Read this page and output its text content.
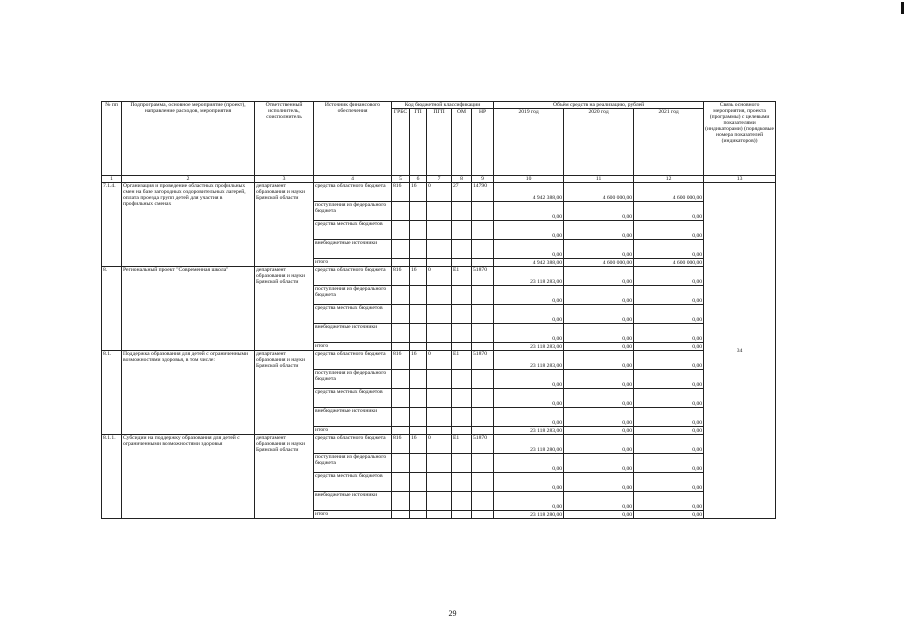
№ пп	Подпрограмма, основное мероприятие (проект), направление расходов, мероприятия	Ответственный исполнитель, соисполнитель	Источник финансового обеспечения	Код бюджетной классификации					Объём средств на реализацию, рублей			Связь основного мероприятия, проекта (программы) с целевыми показателями (индикаторами) (порядковые номера показателей (индикаторов))
				ГРБС	ГП	ПГП	ОМ	НР	2019 год	2020 год	2021 год	
1	2	3	4	5	6	7	8	9	10	11	12	13
7.1.4.	Организация и проведение областных профильных смен на базе загородных оздоровительных лагерей, оплата проезда групп детей для участия в профильных сменах	департамент образования и науки Брянской области	средства областного бюджета	816	16	0	27	14790	4 942 388,00	4 600 000,00	4 600 000,00	34
			поступления из федерального бюджета						0,00	0,00	0,00	
			средства местных бюджетов						0,00	0,00	0,00	
			внебюджетные источники						0,00	0,00	0,00	
			итого						4 942 388,00	4 600 000,00	4 600 000,00	
8.	Региональный проект "Современная школа"	департамент образования и науки Брянской области	средства областного бюджета	816	16	0	E1	51870	23 118 283,00	0,00	0,00	
			поступления из федерального бюджета						0,00	0,00	0,00	
			средства местных бюджетов						0,00	0,00	0,00	
			внебюджетные источники						0,00	0,00	0,00	
			итого						23 118 283,00	0,00	0,00	
8.1.	Поддержка образования для детей с ограниченными возможностями здоровья, в том числе:	департамент образования и науки Брянской области	средства областного бюджета	816	16	0	E1	51870	23 118 283,00	0,00	0,00	
			поступления из федерального бюджета						0,00	0,00	0,00	
			средства местных бюджетов						0,00	0,00	0,00	
			внебюджетные источники						0,00	0,00	0,00	
			итого						23 118 283,00	0,00	0,00	
8.1.1.	Субсидии на поддержку образования для детей с ограниченными возможностями здоровья	департамент образования и науки Брянской области	средства областного бюджета	816	16	0	E1	51870	23 118 280,00	0,00	0,00	
			поступления из федерального бюджета						0,00	0,00	0,00	
			средства местных бюджетов						0,00	0,00	0,00	
			внебюджетные источники						0,00	0,00	0,00	
			итого						23 118 280,00	0,00	0,00	
29
